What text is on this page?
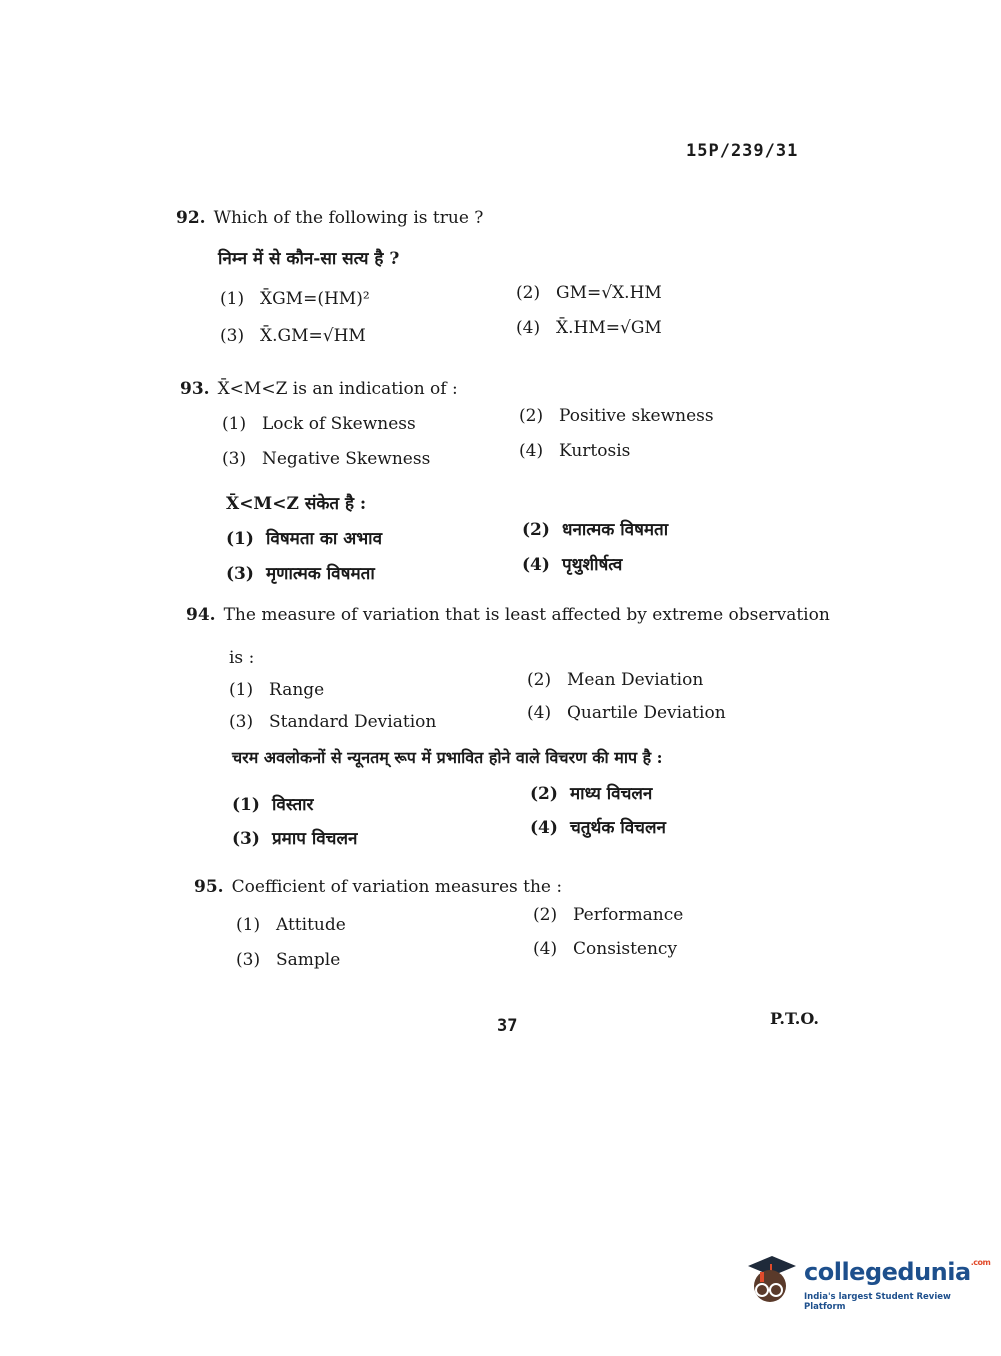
15P/239/31
92. Which of the following is true ?
निम्न में से कौन-सा सत्य है ?
(1) X̄GM=(HM)²	(2) GM=√X.HM
(3) X̄.GM=√HM	(4) X̄.HM=√GM
93. X̄<M<Z is an indication of :
(1) Lock of Skewness	(2) Positive skewness
(3) Negative Skewness	(4) Kurtosis
X̄<M<Z संकेत है :
(1) विषमता का अभाव	(2) धनात्मक विषमता
(3) मृणात्मक विषमता	(4) पृथुशीर्षत्व
94. The measure of variation that is least affected by extreme observation
is :
(1) Range	(2) Mean Deviation
(3) Standard Deviation	(4) Quartile Deviation
चरम अवलोकनों से न्यूनतम् रूप में प्रभावित होने वाले विचरण की माप है :
(1) विस्तार
(2) माध्य विचलन
(3) प्रमाप विचलन
(4) चतुर्थक विचलन
95. Coefficient of variation measures the :
(1) Attitude	(2) Performance
(3) Sample
(4) Consistency
37	P.T.O.
collegedunia$^{.com}$
India's largest Student Review Platform
